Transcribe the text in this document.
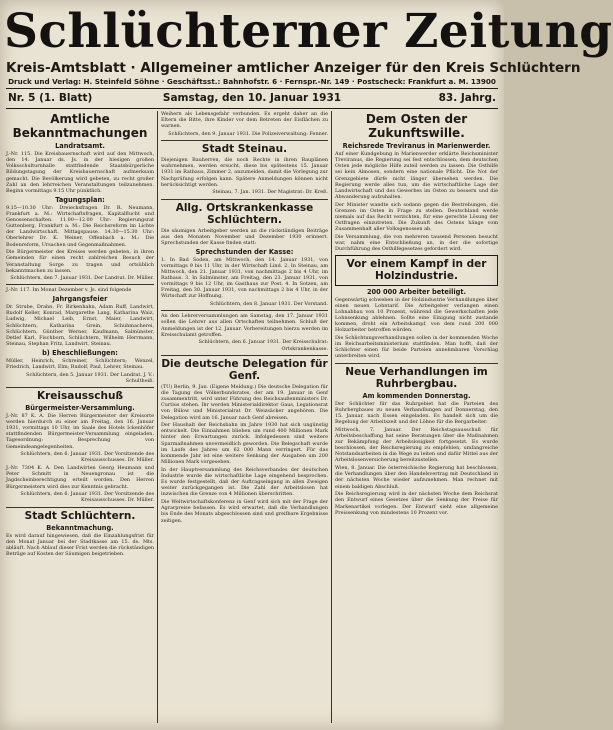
Schlüchterner Zeitung
Kreis-Amtsblatt · Allgemeiner amtlicher Anzeiger für den Kreis Schlüchtern
Druck und Verlag: H. Steinfeld Söhne · Geschäftsst.: Bahnhofstr. 6 · Fernspr.-Nr. 149 · Postscheck: Frankfurt a. M. 13900
Samstag, den 10. Januar 1931
Nr. 5 (1. Blatt)	83. Jahrg.
Amtliche Bekanntmachungen
Landratsamt.

J.-Nr. 115. Die Kreisbauernschaft wird auf den Mittwoch, den 14. Januar ds. Js. in der hiesigen großen Volksschulturnhalle stattfindende Staatsbürgerliche Bildungstagung der Kreisbauernschaft aufmerksam gemacht. Die Bevölkerung wird gebeten, zu recht großer Zahl an den lehrreichen Veranstaltungen teilzunehmen. Beginn vormittags 9.15 Uhr pünktlich.

Tagungsplan:

9.15—10.30 Uhr: Dreiecksfragen Dr. R. Neumann, Frankfurt a. M.: Wirtschaftsfragen, Kapitalflucht und Genossenschaften. 11.00—12.00 Uhr: Regierungsrat Guttenberg, Frankfurt a. M.: Die Reichsreform im Lichte der Landwirtschaft. Mittagspause. 14.30—15.30 Uhr: Oberlehrer Dr. K. Weiner, Offenbach a. M.: Die Bodenreform, Ursachen und Gegenmaßnahmen.

Die Bürgermeister des Kreises werden gebeten, in ihren Gemeinden für einen recht zahlreichen Besuch der Veranstaltung Sorge zu tragen und ortsüblich bekanntmachen zu lassen.

Schlüchtern, den 7. Januar 1931. Der Landrat. Dr. Müller.

J.-Nr. 117. Im Monat Dezember v. Js. sind folgende

Jahrgangsfeier

Dr. Strube, Drahn, Fr. Birkenhahn, Adam Ruff, Landwirt, Rudolf Keller, Konrad, Margarethe Lang, Katharina Waiz, Ludwig, Michael Leib, Ernst, Maier, Landwirt, Schlüchtern, Katharina Grein, Schuhmacherei, Schlüchtern, Günther Werner, Kaufmann, Salmünster, Detlef Karl, Fischborn, Schlüchtern, Wilhelm Herrmann, Steinau, Stephan Fritz, Landwirt, Steinau.

b) Eheschließungen:

Müller, Heinrich, Schreiner, Schlüchtern; Wenzel, Friedrich, Landwirt, Elm; Rudolf, Paul, Lehrer, Steinau.

Schlüchtern, den 5. Januar 1931. Der Landrat. J. V.: Schultheiß.

Kreisausschuß
Bürgermeister-Versammlung.

J.-Nr. 87 K. A. Die Herren Bürgermeister der Kreisorte werden hierdurch zu einer am Freitag, den 16. Januar 1931, vormittags 10 Uhr, im Saale des Hotels Ickenhöfer stattfindenden Bürgermeister-Versammlung eingeladen. Tagesordnung: Besprechung von Gemeindeangelegenheiten.

Schlüchtern, den 6. Januar 1931. Der Vorsitzende des Kreisausschusses. Dr. Müller.

J.-Nr. 7304 K. A. Den Landwirten Georg Heumann und Peter Schmitt in Neuengronau ist die Jagdscheinberechtigung erteilt worden. Den Herren Bürgermeistern wird dies zur Kenntnis gebracht.

Schlüchtern, den 6. Januar 1931. Der Vorsitzende des Kreisausschusses. Dr. Müller.

Stadt Schlüchtern.
Bekanntmachung.

Es wird darauf hingewiesen, daß die Einzahlungsfrist für den Monat Januar bei der Stadtkasse am 15. ds. Mts. abläuft. Nach Ablauf dieser Frist werden die rückständigen Beträge auf Kosten der Säumigen beigetrieben.

Weihern als Lebensgefahr verbunden. Es ergeht daher an die Eltern die Bitte, ihre Kinder vor dem Betreten der Eisflächen zu warnen.

Schlüchtern, den 9. Januar 1931. Die Polizeiverwaltung: Fenner.

Stadt Steinau.

Diejenigen Bauherren, die noch Rechte in ihren Bauplänen wahrnehmen, werden ersucht, diese bis spätestens 15. Januar 1931 im Rathaus, Zimmer 2, anzumelden, damit die Vorlegung zur Nachprüfung erfolgen kann. Spätere Anmeldungen können nicht berücksichtigt werden.

Steinau, 7. Jan. 1931. Der Magistrat: Dr. Kreß.

Allg. Ortskrankenkasse Schlüchtern.

Die säumigen Arbeitgeber werden an die rückständigen Beiträge aus den Monaten November und Dezember 1930 erinnert. Sprechstunden der Kasse finden statt:

Sprechstunden der Kasse:

1. In Bad Soden, am Mittwoch, den 14. Januar 1931, von vormittags 9 bis 11 Uhr, in der Wirtschaft Lind. 2. In Steinau, am Mittwoch, den 21. Januar 1931, von nachmittags 2 bis 4 Uhr, im Rathaus. 3. In Salmünster, am Freitag, den 23. Januar 1931, von vormittags 9 bis 12 Uhr, im Gasthaus zur Post. 4. In Sotzen, am Freitag, den 30. Januar 1931, von nachmittags 2 bis 4 Uhr, in der Wirtschaft zur Hoffnung.

Schlüchtern, den 8. Januar 1931. Der Vorstand.

An den Lehrerversammlungen am Samstag, den 17. Januar 1931 sollen die Lehrer aus allen Ortschaften teilnehmen. Schluß der Anmeldungen ist der 12. Januar. Vorbereitungen hierzu werden im Kreisschulamt getroffen.

Schlüchtern, den 6. Januar 1931. Der Kreisschulrat: Ortskrankenkasse.

Die deutsche Delegation für Genf.

(TU) Berlin, 9. Jan. (Eigene Meldung.) Die deutsche Delegation für die Tagung des Völkerbundsrates, der am 19. Januar in Genf zusammentritt, wird unter Führung des Reichsaußenministers Dr. Curtius stehen. Ihr werden Ministerialdirektor Gaus, Legationsrat von Bülow und Ministerialrat Dr. Weizsäcker angehören. Die Delegation wird am 16. Januar nach Genf abreisen.

Der Haushalt der Reichsbahn im Jahre 1930 hat sich ungünstig entwickelt. Die Einnahmen blieben um rund 400 Millionen Mark hinter den Erwartungen zurück. Infolgedessen sind weitere Sparmaßnahmen unvermeidlich geworden. Die Belegschaft wurde im Laufe des Jahres um 62 000 Mann verringert. Für das kommende Jahr ist eine weitere Senkung der Ausgaben um 200 Millionen Mark vorgesehen.

In der Hauptversammlung des Reichsverbandes der deutschen Industrie wurde die wirtschaftliche Lage eingehend besprochen. Es wurde festgestellt, daß der Auftragseingang in allen Zweigen weiter zurückgegangen ist. Die Zahl der Arbeitslosen hat inzwischen die Grenze von 4 Millionen überschritten.

Die Weltwirtschaftskonferenz in Genf wird sich mit der Frage der Agrarpreise befassen. Es wird erwartet, daß die Verhandlungen bis Ende des Monats abgeschlossen sind und greifbare Ergebnisse zeitigen.

Dem Osten der Zukunftswille.
Reichsrede Treviranus in Marienwerder.

Auf einer Kundgebung in Marienwerder erklärte Reichsminister Treviranus, die Regierung sei fest entschlossen, dem deutschen Osten jede mögliche Hilfe zuteil werden zu lassen. Die Osthilfe sei kein Almosen, sondern eine nationale Pflicht. Die Not der Grenzgebiete dürfe nicht länger übersehen werden. Die Regierung werde alles tun, um die wirtschaftliche Lage der Landwirtschaft und des Gewerbes im Osten zu bessern und die Abwanderung aufzuhalten.

Der Minister wandte sich sodann gegen die Bestrebungen, die Grenzen im Osten in Frage zu stellen. Deutschland werde niemals auf das Recht verzichten, für eine gerechte Lösung der Ostfragen einzutreten. Die Zukunft des Ostens hänge vom Zusammenhalt aller Volksgenossen ab.

Die Versammlung, die von mehreren tausend Personen besucht war, nahm eine Entschließung an, in der die sofortige Durchführung des Osthilfegesetzes gefordert wird.

Vor einem Kampf in der Holzindustrie.
200 000 Arbeiter beteiligt.

Gegenwärtig schweben in der Holzindustrie Verhandlungen über einen neuen Lohntarif. Die Arbeitgeber verlangen einen Lohnabbau von 10 Prozent, während die Gewerkschaften jede Lohnsenkung ablehnen. Sollte eine Einigung nicht zustande kommen, droht ein Arbeitskampf, von dem rund 200 000 Holzarbeiter betroffen würden.

Die Schlichtungsverhandlungen sollen in der kommenden Woche im Reichsarbeitsministerium stattfinden. Man hofft, daß der Schlichter einen für beide Parteien annehmbaren Vorschlag unterbreiten wird.

Neue Verhandlungen im Ruhrbergbau.
Am kommenden Donnerstag.

Der Schlichter für das Ruhrgebiet hat die Parteien des Ruhrbergbaues zu neuen Verhandlungen auf Donnerstag, den 15. Januar, nach Essen eingeladen. Es handelt sich um die Regelung der Arbeitszeit und der Löhne für die Bergarbeiter.

Mittwoch, 7. Januar. Der Reichstagsausschuß für Arbeitsbeschaffung hat seine Beratungen über die Maßnahmen zur Bekämpfung der Arbeitslosigkeit fortgesetzt. Es wurde beschlossen, der Reichsregierung zu empfehlen, umfangreiche Notstandsarbeiten in die Wege zu leiten und dafür Mittel aus der Arbeitslosenversicherung bereitzustellen.

Wien, 8. Januar. Die österreichische Regierung hat beschlossen, die Verhandlungen über den Handelsvertrag mit Deutschland in der nächsten Woche wieder aufzunehmen. Man rechnet mit einem baldigen Abschluß.

Die Reichsregierung wird in der nächsten Woche dem Reichsrat den Entwurf eines Gesetzes über die Senkung der Preise für Markenartikel vorlegen. Der Entwurf sieht eine allgemeine Preissenkung von mindestens 10 Prozent vor.
